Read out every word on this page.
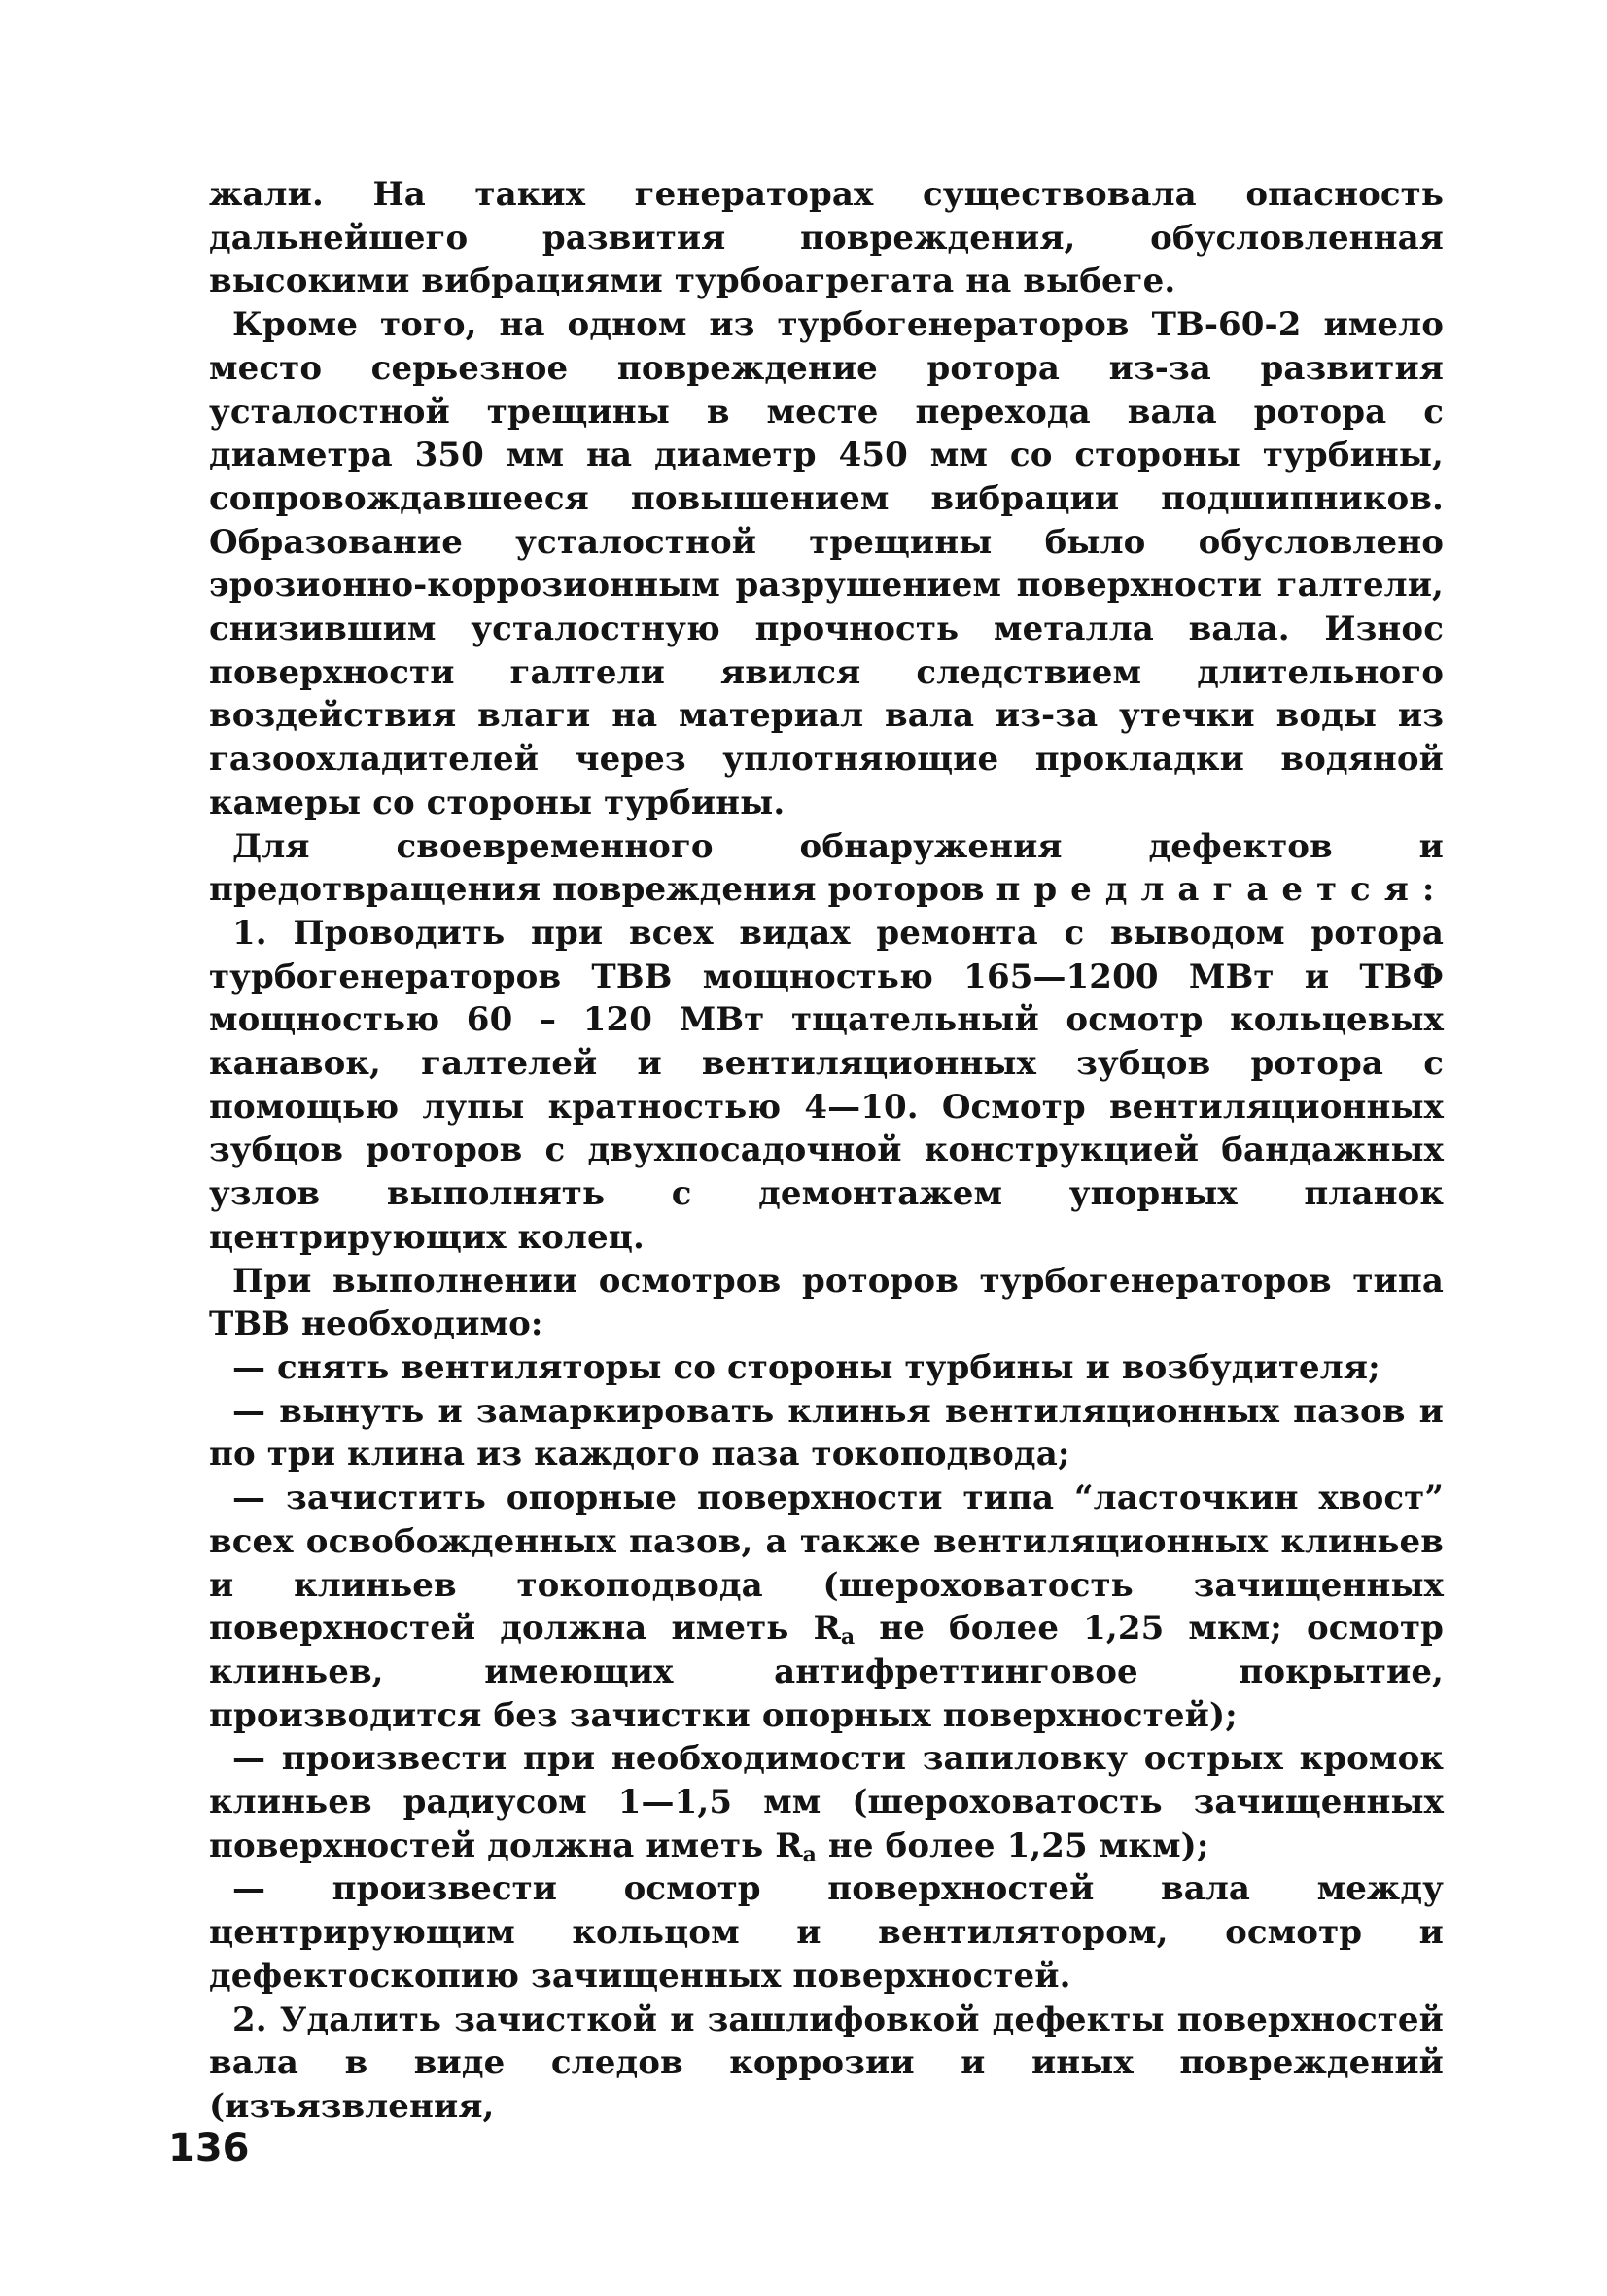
жали. На таких генераторах существовала опасность дальнейшего развития повреждения, обусловленная высокими вибрациями турбоагрегата на выбеге.

Кроме того, на одном из турбогенераторов ТВ-60-2 имело место серьезное повреждение ротора из-за развития усталостной трещины в месте перехода вала ротора с диаметра 350 мм на диаметр 450 мм со стороны турбины, сопровождавшееся повышением вибрации подшипников. Образование усталостной трещины было обусловлено эрозионно-коррозионным разрушением поверхности галтели, снизившим усталостную прочность металла вала. Износ поверхности галтели явился следствием длительного воздействия влаги на материал вала из-за утечки воды из газоохладителей через уплотняющие прокладки водяной камеры со стороны турбины.

Для своевременного обнаружения дефектов и предотвращения повреждения роторов предлагается:

1. Проводить при всех видах ремонта с выводом ротора турбогенераторов ТВВ мощностью 165—1200 МВт и ТВФ мощностью 60 – 120 МВт тщательный осмотр кольцевых канавок, галтелей и вентиляционных зубцов ротора с помощью лупы кратностью 4—10. Осмотр вентиляционных зубцов роторов с двухпосадочной конструкцией бандажных узлов выполнять с демонтажем упорных планок центрирующих колец.

При выполнении осмотров роторов турбогенераторов типа ТВВ необходимо:

— снять вентиляторы со стороны турбины и возбудителя;

— вынуть и замаркировать клинья вентиляционных пазов и по три клина из каждого паза токоподвода;

— зачистить опорные поверхности типа “ласточкин хвост” всех освобожденных пазов, а также вентиляционных клиньев и клиньев токоподвода (шероховатость зачищенных поверхностей должна иметь $R_a$ не более 1,25 мкм; осмотр клиньев, имеющих антифреттинговое покрытие, производится без зачистки опорных поверхностей);

— произвести при необходимости запиловку острых кромок клиньев радиусом 1—1,5 мм (шероховатость зачищенных поверхностей должна иметь $R_a$ не более 1,25 мкм);

— произвести осмотр поверхностей вала между центрирующим кольцом и вентилятором, осмотр и дефектоскопию зачищенных поверхностей.

2. Удалить зачисткой и зашлифовкой дефекты поверхностей вала в виде следов коррозии и иных повреждений (изъязвления,

136
